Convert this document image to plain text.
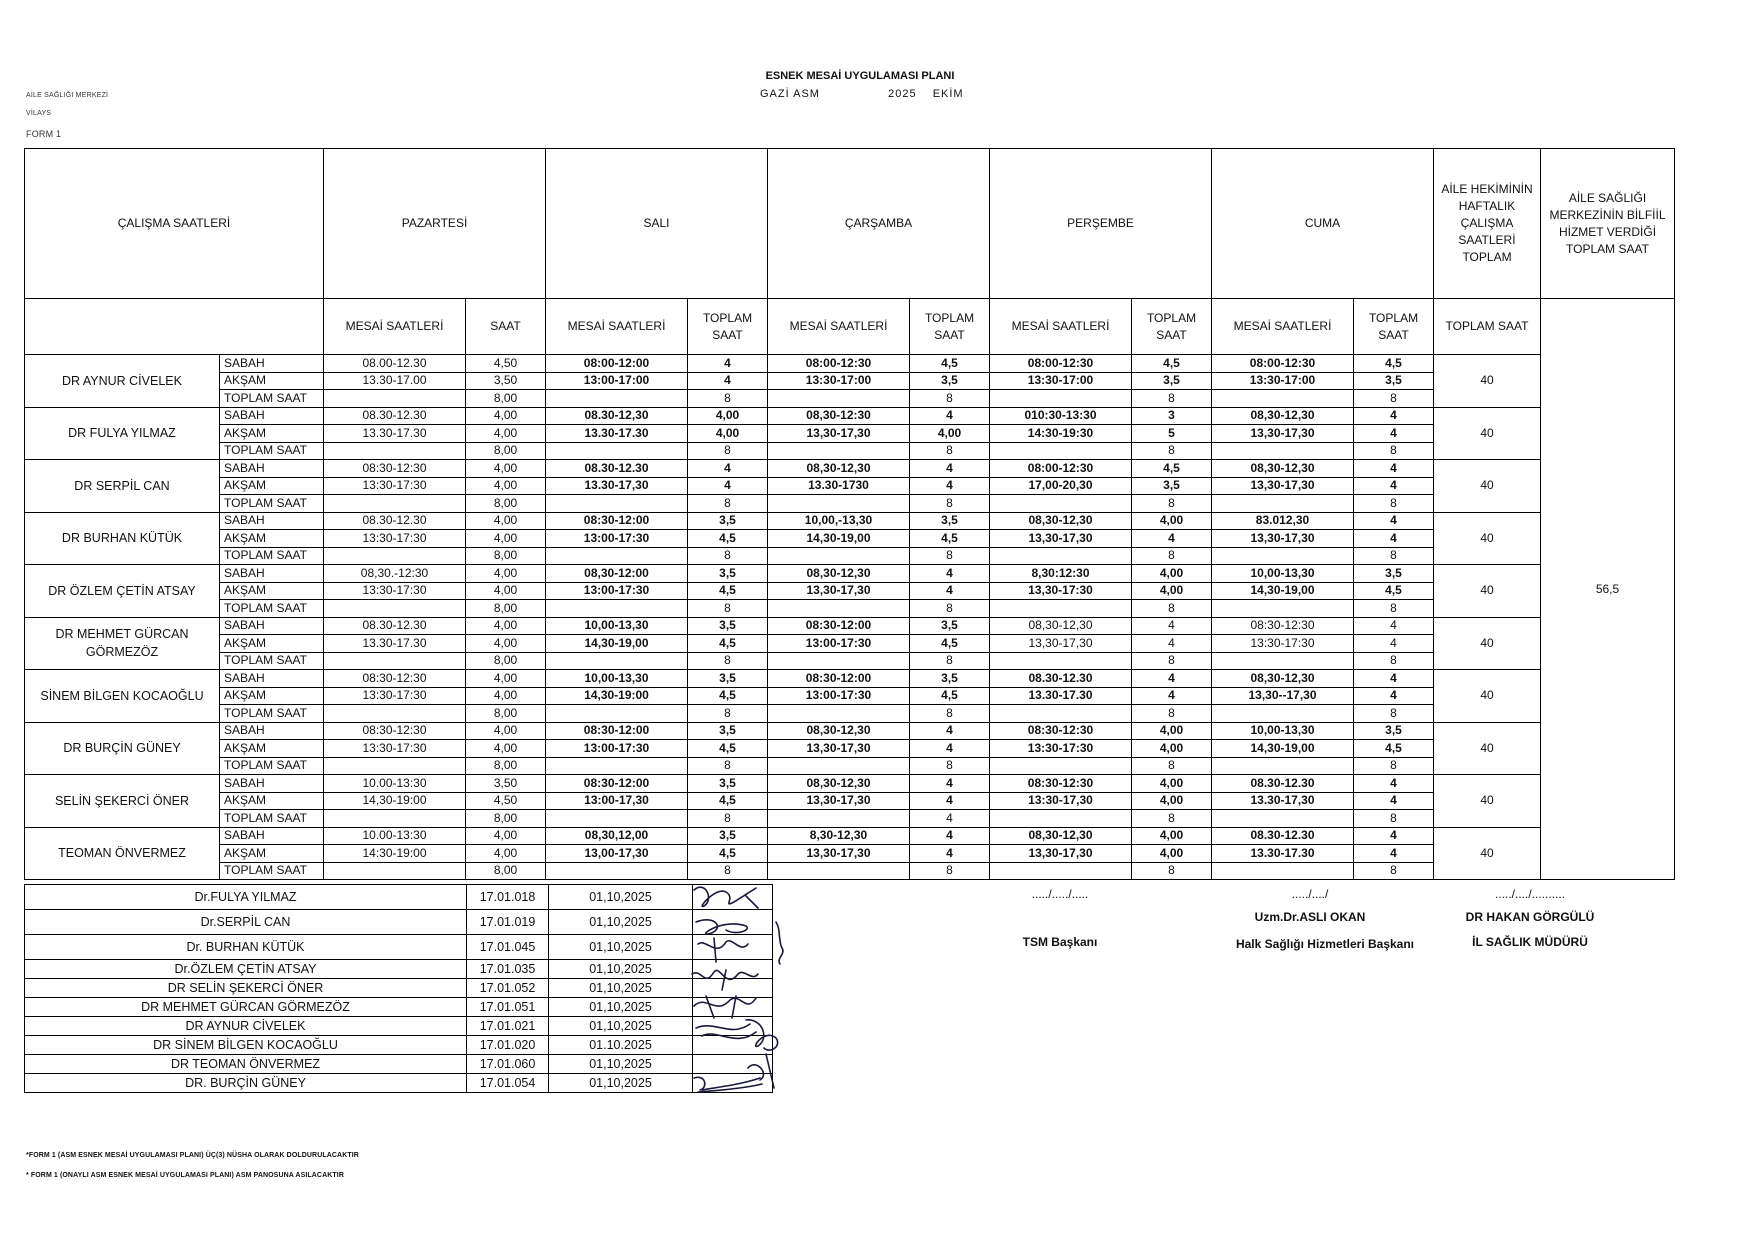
AİLE SAĞLIĞI MERKEZİ
VİLAYS
FORM 1
ESNEK MESAİ UYGULAMASI PLANI
GAZİ ASM	2025 EKİM
ÇALIŞMA SAATLERİ		PAZARTESİ		SALI		ÇARŞAMBA		PERŞEMBE		CUMA		AİLE HEKİMİNİN HAFTALIK ÇALIŞMA SAATLERİ TOPLAM	AİLE SAĞLIĞI MERKEZİNİN BİLFİİL HİZMET VERDİĞİ TOPLAM SAAT
		MESAİ SAATLERİ	SAAT	MESAİ SAATLERİ	TOPLAM SAAT	MESAİ SAATLERİ	TOPLAM SAAT	MESAİ SAATLERİ	TOPLAM SAAT	MESAİ SAATLERİ	TOPLAM SAAT	TOPLAM SAAT	56,5
DR AYNUR CİVELEK	SABAH	08.00-12.30	4,50	08:00-12:00	4	08:00-12:30	4,5	08:00-12:30	4,5	08:00-12:30	4,5	40	
	AKŞAM	13.30-17.00	3,50	13:00-17:00	4	13:30-17:00	3,5	13:30-17:00	3,5	13:30-17:00	3,5		
	TOPLAM SAAT		8,00		8		8		8		8		
DR FULYA YILMAZ	SABAH	08.30-12.30	4,00	08.30-12,30	4,00	08,30-12:30	4	010:30-13:30	3	08,30-12,30	4	40	
	AKŞAM	13.30-17.30	4,00	13.30-17.30	4,00	13,30-17,30	4,00	14:30-19:30	5	13,30-17,30	4		
	TOPLAM SAAT		8,00		8		8		8		8		
DR SERPİL CAN	SABAH	08:30-12:30	4,00	08.30-12.30	4	08,30-12,30	4	08:00-12:30	4,5	08,30-12,30	4	40	
	AKŞAM	13:30-17:30	4,00	13.30-17,30	4	13.30-1730	4	17,00-20,30	3,5	13,30-17,30	4		
	TOPLAM SAAT		8,00		8		8		8		8		
DR BURHAN KÜTÜK	SABAH	08.30-12.30	4,00	08:30-12:00	3,5	10,00,-13,30	3,5	08,30-12,30	4,00	83.012,30	4	40	
	AKŞAM	13:30-17:30	4,00	13:00-17:30	4,5	14,30-19,00	4,5	13,30-17,30	4	13,30-17,30	4		
	TOPLAM SAAT		8,00		8		8		8		8		
DR ÖZLEM ÇETİN ATSAY	SABAH	08,30.-12:30	4,00	08,30-12:00	3,5	08,30-12,30	4	8,30:12:30	4,00	10,00-13,30	3,5	40	
	AKŞAM	13:30-17:30	4,00	13:00-17:30	4,5	13,30-17,30	4	13,30-17:30	4,00	14,30-19,00	4,5		
	TOPLAM SAAT		8,00		8		8		8		8		
DR MEHMET GÜRCAN GÖRMEZÖZ	SABAH	08.30-12.30	4,00	10,00-13,30	3,5	08:30-12:00	3,5	08,30-12,30	4	08:30-12:30	4	40	
	AKŞAM	13.30-17.30	4,00	14,30-19,00	4,5	13:00-17:30	4,5	13,30-17,30	4	13:30-17:30	4		
	TOPLAM SAAT		8,00		8		8		8		8		
SİNEM BİLGEN KOCAOĞLU	SABAH	08:30-12:30	4,00	10,00-13,30	3,5	08:30-12:00	3,5	08.30-12.30	4	08,30-12,30	4	40	
	AKŞAM	13:30-17:30	4,00	14,30-19:00	4,5	13:00-17:30	4,5	13.30-17.30	4	13,30--17,30	4		
	TOPLAM SAAT		8,00		8		8		8		8		
DR BURÇİN GÜNEY	SABAH	08:30-12:30	4,00	08:30-12:00	3,5	08,30-12,30	4	08:30-12:30	4,00	10,00-13,30	3,5	40	
	AKŞAM	13:30-17:30	4,00	13:00-17:30	4,5	13,30-17,30	4	13:30-17:30	4,00	14,30-19,00	4,5		
	TOPLAM SAAT		8,00		8		8		8		8		
SELİN ŞEKERCİ ÖNER	SABAH	10.00-13:30	3,50	08:30-12:00	3,5	08,30-12,30	4	08:30-12:30	4,00	08.30-12.30	4	40	
	AKŞAM	14,30-19:00	4,50	13:00-17,30	4,5	13,30-17,30	4	13:30-17,30	4,00	13.30-17,30	4		
	TOPLAM SAAT		8,00		8		4		8		8		
TEOMAN ÖNVERMEZ	SABAH	10.00-13:30	4,00	08,30,12,00	3,5	8,30-12,30	4	08,30-12,30	4,00	08.30-12.30	4	40	
	AKŞAM	14:30-19:00	4,00	13,00-17,30	4,5	13,30-17,30	4	13,30-17,30	4,00	13.30-17.30	4		
	TOPLAM SAAT		8,00		8		8		8		8		
Dr.FULYA YILMAZ	17.01.018	01,10,2025	
Dr.SERPİL CAN	17.01.019	01,10,2025	
Dr. BURHAN KÜTÜK	17.01.045	01,10,2025	
Dr.ÖZLEM ÇETİN ATSAY	17.01.035	01,10,2025	
DR SELİN ŞEKERCİ ÖNER	17.01.052	01,10,2025	
DR MEHMET GÜRCAN GÖRMEZÖZ	17.01.051	01,10,2025	
DR AYNUR CİVELEK	17.01.021	01,10,2025	
DR SİNEM BİLGEN KOCAOĞLU	17.01.020	01.10.2025	
DR TEOMAN ÖNVERMEZ	17.01.060	01,10,2025	
DR. BURÇİN GÜNEY	17.01.054	01,10,2025	
...../...../.....
TSM Başkanı
...../..../
Uzm.Dr.ASLI OKAN
Halk Sağlığı Hizmetleri Başkanı
...../..../..........
DR HAKAN GÖRGÜLÜ
İL SAĞLIK MÜDÜRÜ
*FORM 1 (ASM ESNEK MESAİ UYGULAMASI PLANI) ÜÇ(3) NÜSHA OLARAK DOLDURULACAKTIR
* FORM 1 (ONAYLI ASM ESNEK MESAİ UYGULAMASI PLANI) ASM PANOSUNA ASILACAKTIR
